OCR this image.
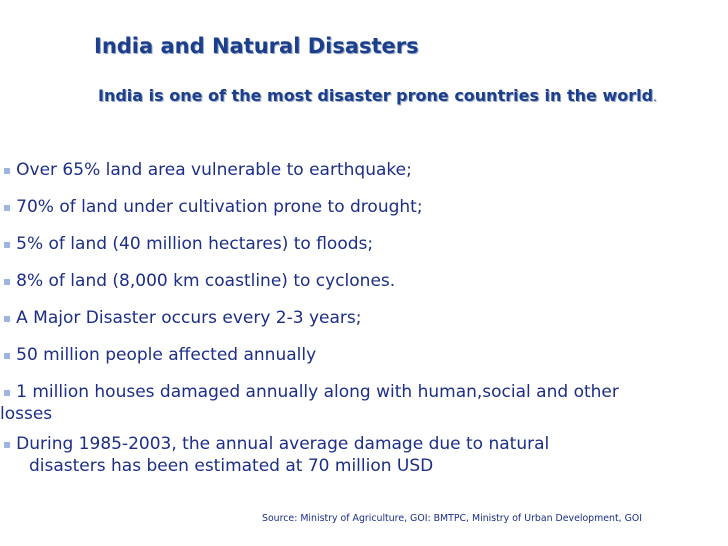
India and Natural Disasters
India is one of the most disaster prone countries in the world.
▪ Over 65% land area vulnerable to earthquake;
▪ 70% of land under cultivation prone to drought;
▪ 5% of land (40 million hectares) to floods;
▪ 8% of land (8,000 km coastline) to cyclones.
▪ A Major Disaster occurs every 2-3 years;
▪ 50 million people affected annually
▪ 1 million houses damaged annually along with human,social and other
losses
▪ During 1985-2003, the annual average damage due to natural
disasters has been estimated at 70 million USD
Source: Ministry of Agriculture, GOI: BMTPC, Ministry of Urban Development, GOI
